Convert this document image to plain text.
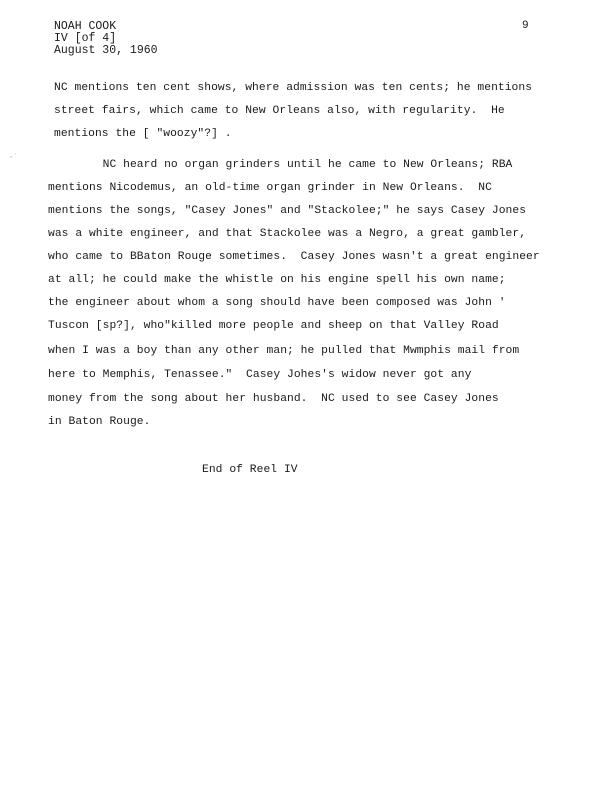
NOAH COOK
IV [of 4]
August 30, 1960
9
·˙
NC mentions ten cent shows, where admission was ten cents; he mentions
street fairs, which came to New Orleans also, with regularity.  He
mentions the [ "woozy"?] .
NC heard no organ grinders until he came to New Orleans; RBA
mentions Nicodemus, an old-time organ grinder in New Orleans.  NC
mentions the songs, "Casey Jones" and "Stackolee;" he says Casey Jones
was a white engineer, and that Stackolee was a Negro, a great gambler,
who came to BBaton Rouge sometimes.  Casey Jones wasn't a great engineer
at all; he could make the whistle on his engine spell his own name;
the engineer about whom a song should have been composed was John '
Tuscon [sp?], who"killed more people and sheep on that Valley Road
when I was a boy than any other man; he pulled that Mwmphis mail from
here to Memphis, Tenassee."  Casey Johes's widow never got any
money from the song about her husband.  NC used to see Casey Jones
in Baton Rouge.
End of Reel IV
